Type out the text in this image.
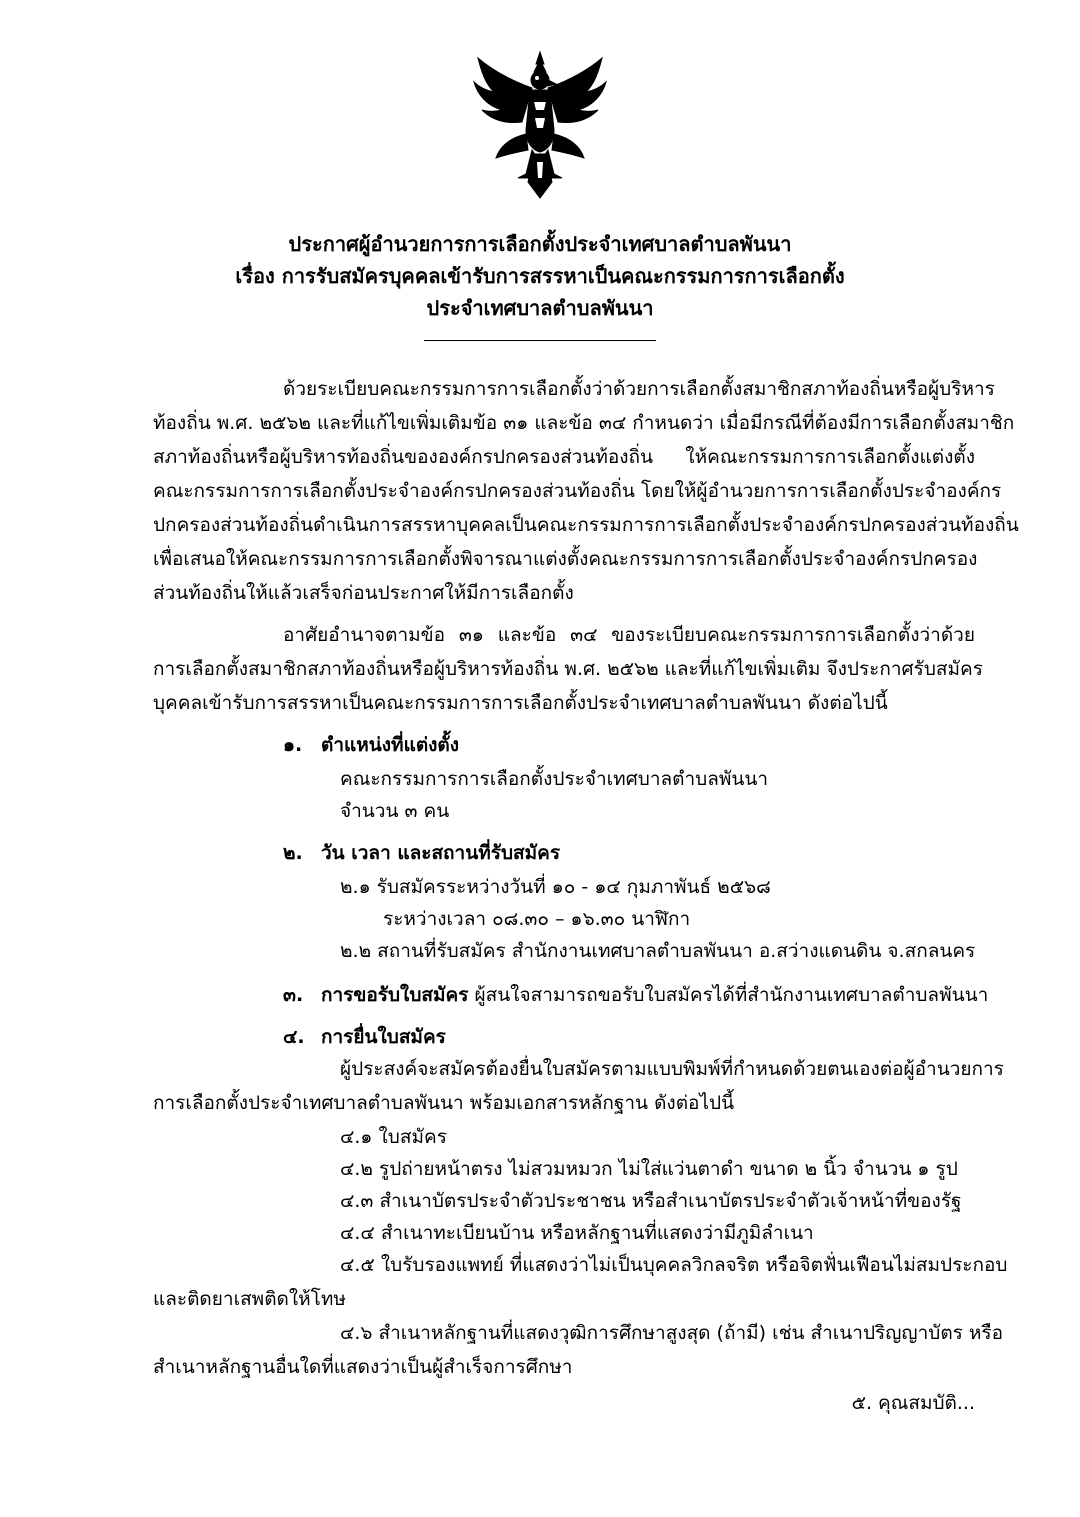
ประกาศผู้อำนวยการการเลือกตั้งประจำเทศบาลตำบลพันนา
เรื่อง การรับสมัครบุคคลเข้ารับการสรรหาเป็นคณะกรรมการการเลือกตั้ง
ประจำเทศบาลตำบลพันนา
ด้วยระเบียบคณะกรรมการการเลือกตั้งว่าด้วยการเลือกตั้งสมาชิกสภาท้องถิ่นหรือผู้บริหาร
ท้องถิ่น พ.ศ. ๒๕๖๒ และที่แก้ไขเพิ่มเติมข้อ ๓๑ และข้อ ๓๔ กำหนดว่า เมื่อมีกรณีที่ต้องมีการเลือกตั้งสมาชิก
สภาท้องถิ่นหรือผู้บริหารท้องถิ่นขององค์กรปกครองส่วนท้องถิ่น ให้คณะกรรมการการเลือกตั้งแต่งตั้ง
คณะกรรมการการเลือกตั้งประจำองค์กรปกครองส่วนท้องถิ่น โดยให้ผู้อำนวยการการเลือกตั้งประจำองค์กร
ปกครองส่วนท้องถิ่นดำเนินการสรรหาบุคคลเป็นคณะกรรมการการเลือกตั้งประจำองค์กรปกครองส่วนท้องถิ่น
เพื่อเสนอให้คณะกรรมการการเลือกตั้งพิจารณาแต่งตั้งคณะกรรมการการเลือกตั้งประจำองค์กรปกครอง
ส่วนท้องถิ่นให้แล้วเสร็จก่อนประกาศให้มีการเลือกตั้ง
อาศัยอำนาจตามข้อ ๓๑ และข้อ ๓๔ ของระเบียบคณะกรรมการการเลือกตั้งว่าด้วย
การเลือกตั้งสมาชิกสภาท้องถิ่นหรือผู้บริหารท้องถิ่น พ.ศ. ๒๕๖๒ และที่แก้ไขเพิ่มเติม จึงประกาศรับสมัคร
บุคคลเข้ารับการสรรหาเป็นคณะกรรมการการเลือกตั้งประจำเทศบาลตำบลพันนา ดังต่อไปนี้
๑. ตำแหน่งที่แต่งตั้ง
คณะกรรมการการเลือกตั้งประจำเทศบาลตำบลพันนา
จำนวน ๓ คน
๒. วัน เวลา และสถานที่รับสมัคร
๒.๑ รับสมัครระหว่างวันที่ ๑๐ - ๑๔ กุมภาพันธ์ ๒๕๖๘
ระหว่างเวลา ๐๘.๓๐ – ๑๖.๓๐ นาฬิกา
๒.๒ สถานที่รับสมัคร สำนักงานเทศบาลตำบลพันนา อ.สว่างแดนดิน จ.สกลนคร
๓. การขอรับใบสมัคร ผู้สนใจสามารถขอรับใบสมัครได้ที่สำนักงานเทศบาลตำบลพันนา
๔. การยื่นใบสมัคร
ผู้ประสงค์จะสมัครต้องยื่นใบสมัครตามแบบพิมพ์ที่กำหนดด้วยตนเองต่อผู้อำนวยการ
การเลือกตั้งประจำเทศบาลตำบลพันนา พร้อมเอกสารหลักฐาน ดังต่อไปนี้
๔.๑ ใบสมัคร
๔.๒ รูปถ่ายหน้าตรง ไม่สวมหมวก ไม่ใส่แว่นตาดำ ขนาด ๒ นิ้ว จำนวน ๑ รูป
๔.๓ สำเนาบัตรประจำตัวประชาชน หรือสำเนาบัตรประจำตัวเจ้าหน้าที่ของรัฐ
๔.๔ สำเนาทะเบียนบ้าน หรือหลักฐานที่แสดงว่ามีภูมิลำเนา
๔.๕ ใบรับรองแพทย์ ที่แสดงว่าไม่เป็นบุคคลวิกลจริต หรือจิตฟั่นเฟือนไม่สมประกอบ
และติดยาเสพติดให้โทษ
๔.๖ สำเนาหลักฐานที่แสดงวุฒิการศึกษาสูงสุด (ถ้ามี) เช่น สำเนาปริญญาบัตร หรือ
สำเนาหลักฐานอื่นใดที่แสดงว่าเป็นผู้สำเร็จการศึกษา
๕. คุณสมบัติ...
